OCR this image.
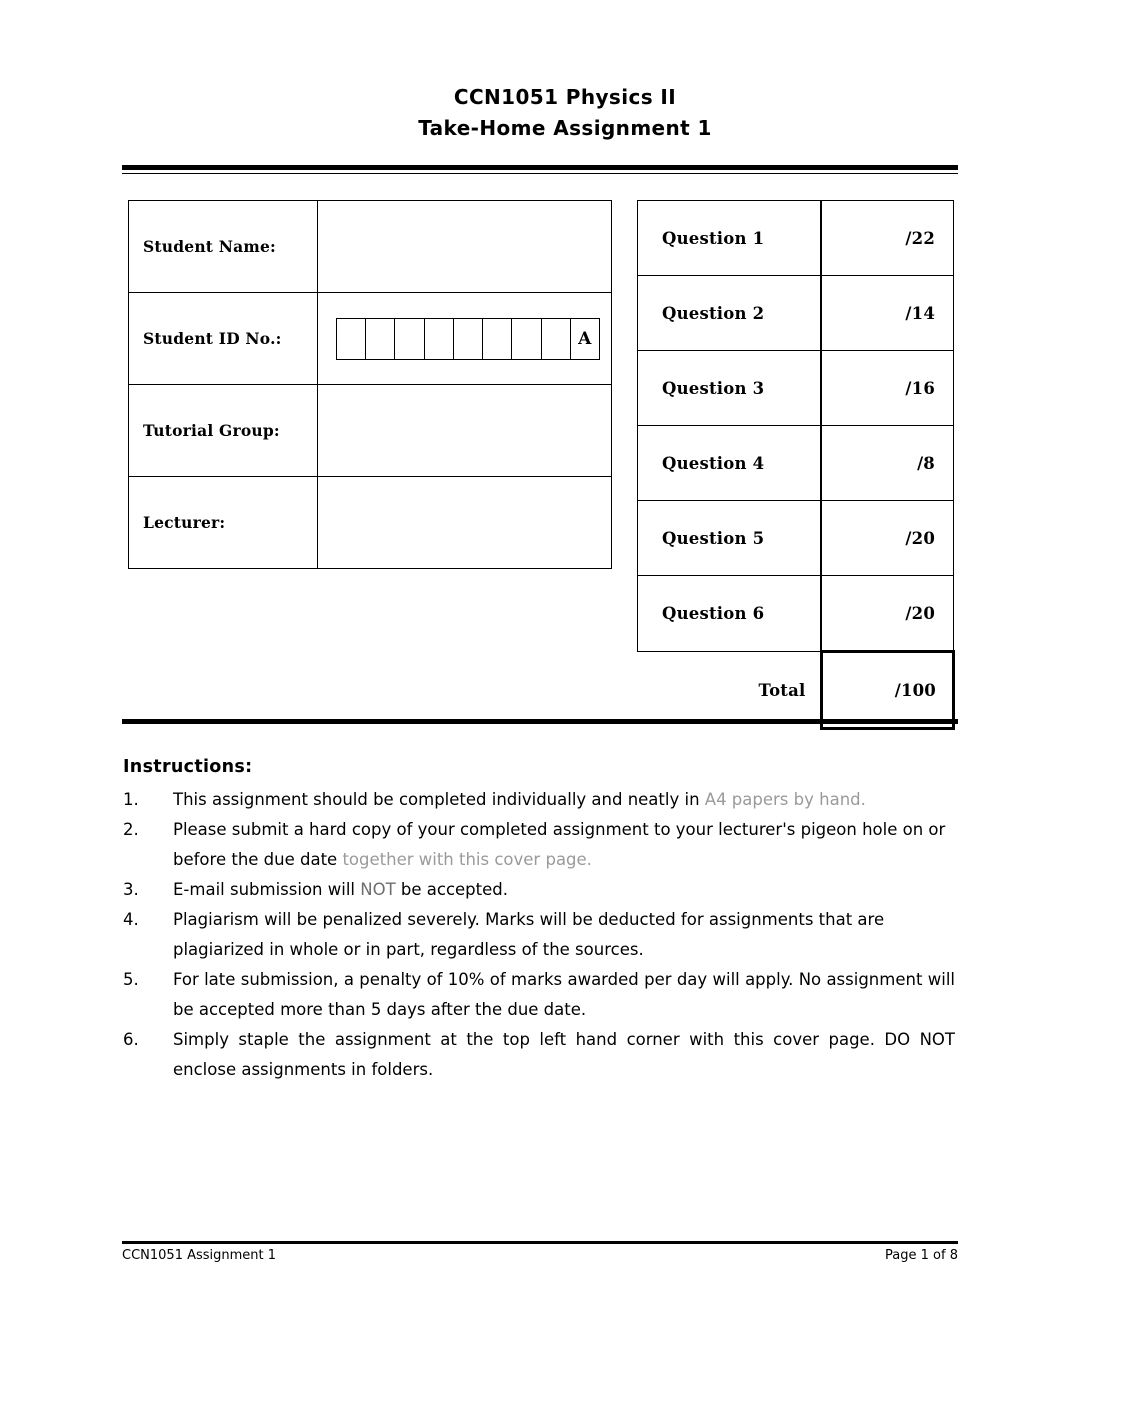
CCN1051 Physics II
Take-Home Assignment 1
Student Name:	
Student ID No.:	A

Tutorial Group:	
Lecturer:	
Question 1	/22
Question 2	/14
Question 3	/16
Question 4	/8
Question 5	/20
Question 6	/20
Total	/100
Instructions:
1.	This assignment should be completed individually and neatly in A4 papers by hand.
2.	Please submit a hard copy of your completed assignment to your lecturer's pigeon hole on or before the due date together with this cover page.
3.	E-mail submission will NOT be accepted.
4.	Plagiarism will be penalized severely. Marks will be deducted for assignments that are plagiarized in whole or in part, regardless of the sources.
5.	For late submission, a penalty of 10% of marks awarded per day will apply. No assignment will be accepted more than 5 days after the due date.
6.	Simply staple the assignment at the top left hand corner with this cover page. DO NOT enclose assignments in folders.
CCN1051 Assignment 1	Page 1 of 8
